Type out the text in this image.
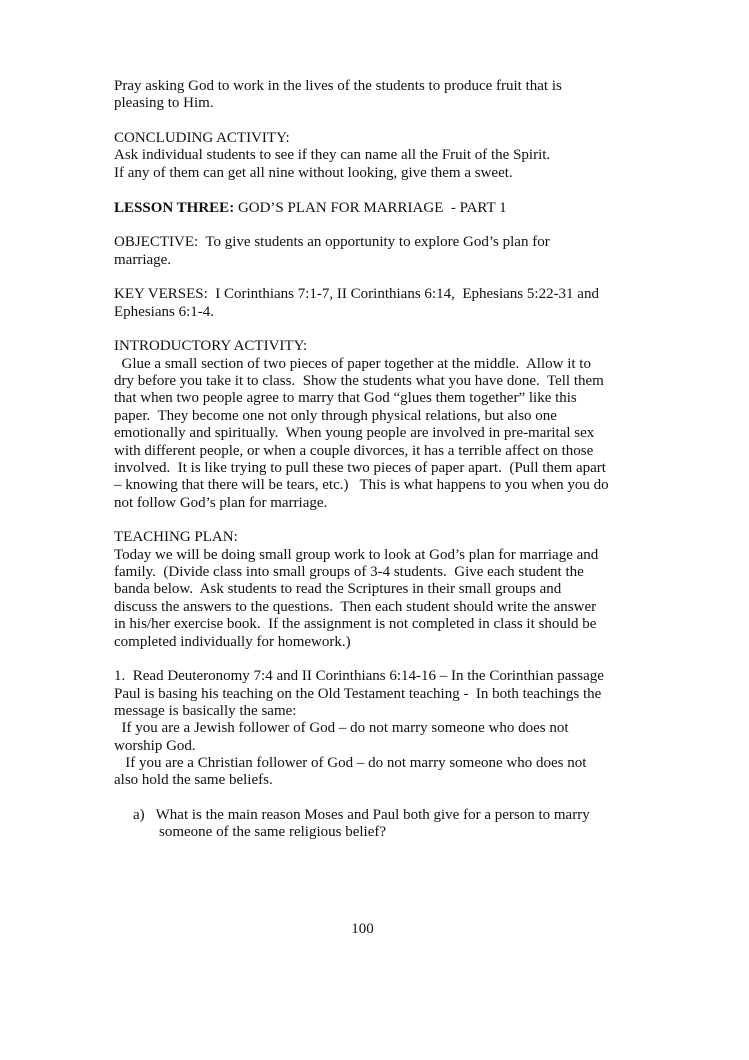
Pray asking God to work in the lives of the students to produce fruit that is
pleasing to Him.
CONCLUDING ACTIVITY:
Ask individual students to see if they can name all the Fruit of the Spirit.
If any of them can get all nine without looking, give them a sweet.
LESSON THREE: GOD’S PLAN FOR MARRIAGE  - PART 1
OBJECTIVE:  To give students an opportunity to explore God’s plan for
marriage.
KEY VERSES:  I Corinthians 7:1-7, II Corinthians 6:14,  Ephesians 5:22-31 and
Ephesians 6:1-4.
INTRODUCTORY ACTIVITY:
Glue a small section of two pieces of paper together at the middle.  Allow it to
dry before you take it to class.  Show the students what you have done.  Tell them
that when two people agree to marry that God “glues them together” like this
paper.  They become one not only through physical relations, but also one
emotionally and spiritually.  When young people are involved in pre-marital sex
with different people, or when a couple divorces, it has a terrible affect on those
involved.  It is like trying to pull these two pieces of paper apart.  (Pull them apart
– knowing that there will be tears, etc.)   This is what happens to you when you do
not follow God’s plan for marriage.
TEACHING PLAN:
Today we will be doing small group work to look at God’s plan for marriage and
family.  (Divide class into small groups of 3-4 students.  Give each student the
banda below.  Ask students to read the Scriptures in their small groups and
discuss the answers to the questions.  Then each student should write the answer
in his/her exercise book.  If the assignment is not completed in class it should be
completed individually for homework.)
1.  Read Deuteronomy 7:4 and II Corinthians 6:14-16 – In the Corinthian passage
Paul is basing his teaching on the Old Testament teaching -  In both teachings the
message is basically the same:
If you are a Jewish follower of God – do not marry someone who does not
worship God.
If you are a Christian follower of God – do not marry someone who does not
also hold the same beliefs.
a) What is the main reason Moses and Paul both give for a person to marry
someone of the same religious belief?
100
